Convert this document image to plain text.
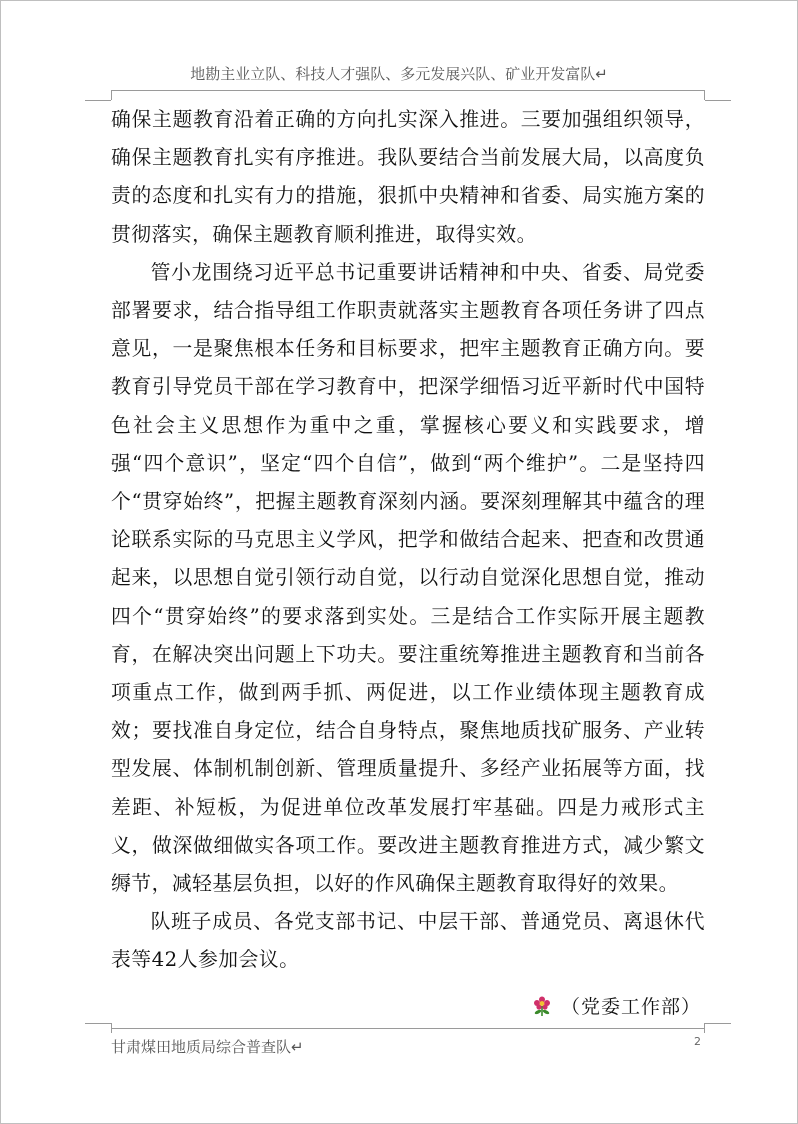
地勘主业立队、科技人才强队、多元发展兴队、矿业开发富队↵

确保主题教育沿着正确的方向扎实深入推进。三要加强组织领导，确保主题教育扎实有序推进。我队要结合当前发展大局，以高度负责的态度和扎实有力的措施，狠抓中央精神和省委、局实施方案的贯彻落实，确保主题教育顺利推进，取得实效。

管小龙围绕习近平总书记重要讲话精神和中央、省委、局党委部署要求，结合指导组工作职责就落实主题教育各项任务讲了四点意见，一是聚焦根本任务和目标要求，把牢主题教育正确方向。要教育引导党员干部在学习教育中，把深学细悟习近平新时代中国特色社会主义思想作为重中之重，掌握核心要义和实践要求，增强“四个意识”，坚定“四个自信”，做到“两个维护”。二是坚持四个“贯穿始终”，把握主题教育深刻内涵。要深刻理解其中蕴含的理论联系实际的马克思主义学风，把学和做结合起来、把查和改贯通起来，以思想自觉引领行动自觉，以行动自觉深化思想自觉，推动四个“贯穿始终”的要求落到实处。三是结合工作实际开展主题教育，在解决突出问题上下功夫。要注重统筹推进主题教育和当前各项重点工作，做到两手抓、两促进，以工作业绩体现主题教育成效；要找准自身定位，结合自身特点，聚焦地质找矿服务、产业转型发展、体制机制创新、管理质量提升、多经产业拓展等方面，找差距、补短板，为促进单位改革发展打牢基础。四是力戒形式主义，做深做细做实各项工作。要改进主题教育推进方式，减少繁文缛节，减轻基层负担，以好的作风确保主题教育取得好的效果。

队班子成员、各党支部书记、中层干部、普通党员、离退休代表等42人参加会议。

（党委工作部）
甘肃煤田地质局综合普查队↵	2
